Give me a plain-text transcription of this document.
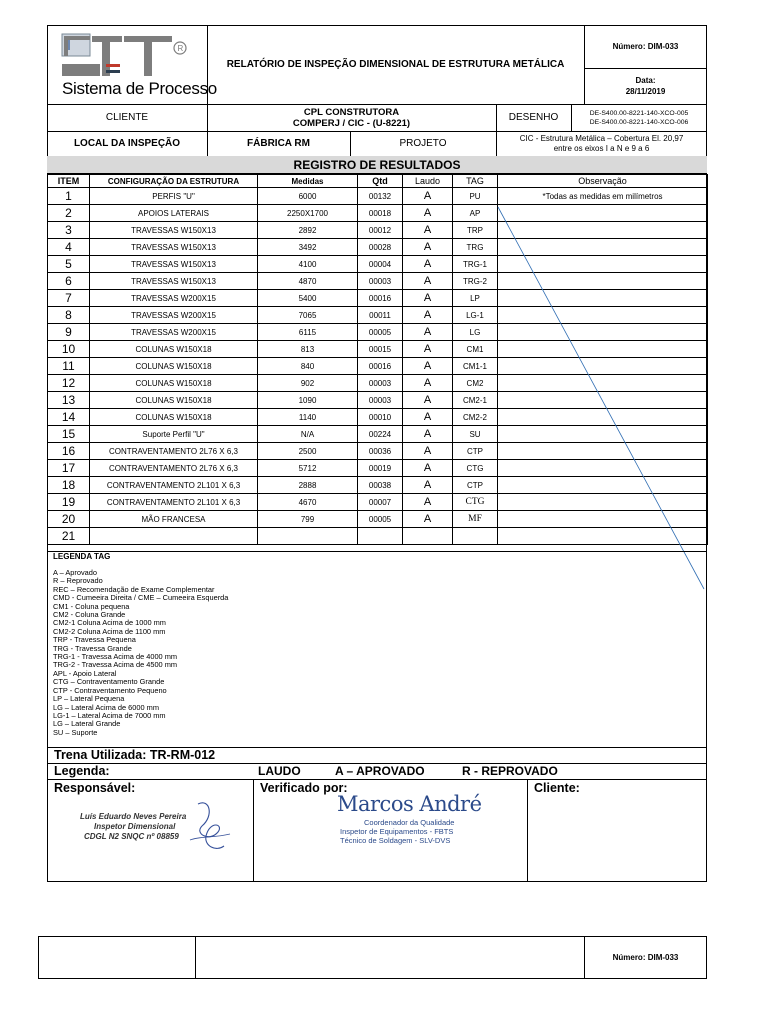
R
Sistema de Processo
RELATÓRIO DE INSPEÇÃO DIMENSIONAL DE ESTRUTURA METÁLICA
Número: DIM-033
Data:
28/11/2019
CLIENTE	CPL CONSTRUTORA
COMPERJ / CIC - (U-8221)	DESENHO	DE-S400.00-8221-140-XCO-005
DE-S400.00-8221-140-XCO-006
LOCAL DA INSPEÇÃO	FÁBRICA RM	PROJETO	CIC - Estrutura Metálica – Cobertura El. 20,97
entre os eixos I a N e 9 a 6
REGISTRO DE RESULTADOS
ITEM	CONFIGURAÇÃO DA ESTRUTURA	Medidas	Qtd	Laudo	TAG	Observação
1	PERFIS "U"	6000	00132	A	PU	*Todas as medidas em milímetros
2	APOIOS LATERAIS	2250X1700	00018	A	AP	
3	TRAVESSAS W150X13	2892	00012	A	TRP	
4	TRAVESSAS W150X13	3492	00028	A	TRG	
5	TRAVESSAS W150X13	4100	00004	A	TRG-1	
6	TRAVESSAS W150X13	4870	00003	A	TRG-2	
7	TRAVESSAS W200X15	5400	00016	A	LP	
8	TRAVESSAS W200X15	7065	00011	A	LG-1	
9	TRAVESSAS W200X15	6115	00005	A	LG	
10	COLUNAS W150X18	813	00015	A	CM1	
11	COLUNAS W150X18	840	00016	A	CM1-1	
12	COLUNAS W150X18	902	00003	A	CM2	
13	COLUNAS W150X18	1090	00003	A	CM2-1	
14	COLUNAS W150X18	1140	00010	A	CM2-2	
15	Suporte Perfil "U"	N/A	00224	A	SU	
16	CONTRAVENTAMENTO 2L76 X 6,3	2500	00036	A	CTP	
17	CONTRAVENTAMENTO 2L76 X 6,3	5712	00019	A	CTG	
18	CONTRAVENTAMENTO 2L101 X 6,3	2888	00038	A	CTP	
19	CONTRAVENTAMENTO 2L101 X 6,3	4670	00007	A	CTG	
20	MÃO FRANCESA	799	00005	A	MF	
21						
LEGENDA TAG
A – Aprovado
R – Reprovado
REC – Recomendação de Exame Complementar
CMD - Cumeeira Direita / CME – Cumeeira Esquerda
CM1 - Coluna pequena
CM2 - Coluna Grande
CM2-1 Coluna Acima de 1000 mm
CM2-2 Coluna Acima de 1100 mm
TRP - Travessa Pequena
TRG - Travessa Grande
TRG-1 - Travessa Acima de 4000 mm
TRG-2 - Travessa Acima de 4500 mm
APL - Apoio Lateral
CTG – Contraventamento Grande
CTP - Contraventamento Pequeno
LP – Lateral Pequena
LG – Lateral Acima de 6000 mm
LG-1 – Lateral Acima de 7000 mm
LG – Lateral Grande
SU – Suporte
Trena Utilizada: TR-RM-012
Legenda:	LAUDO	A – APROVADO	R - REPROVADO
Responsável:	Verificado por:	Cliente:
Luís Eduardo Neves Pereira
Inspetor Dimensional
CDGL N2 SNQC nº 08859
Marcos André
Coordenador da Qualidade
Inspetor de Equipamentos - FBTS
Técnico de Soldagem - SLV-DVS
Número: DIM-033
